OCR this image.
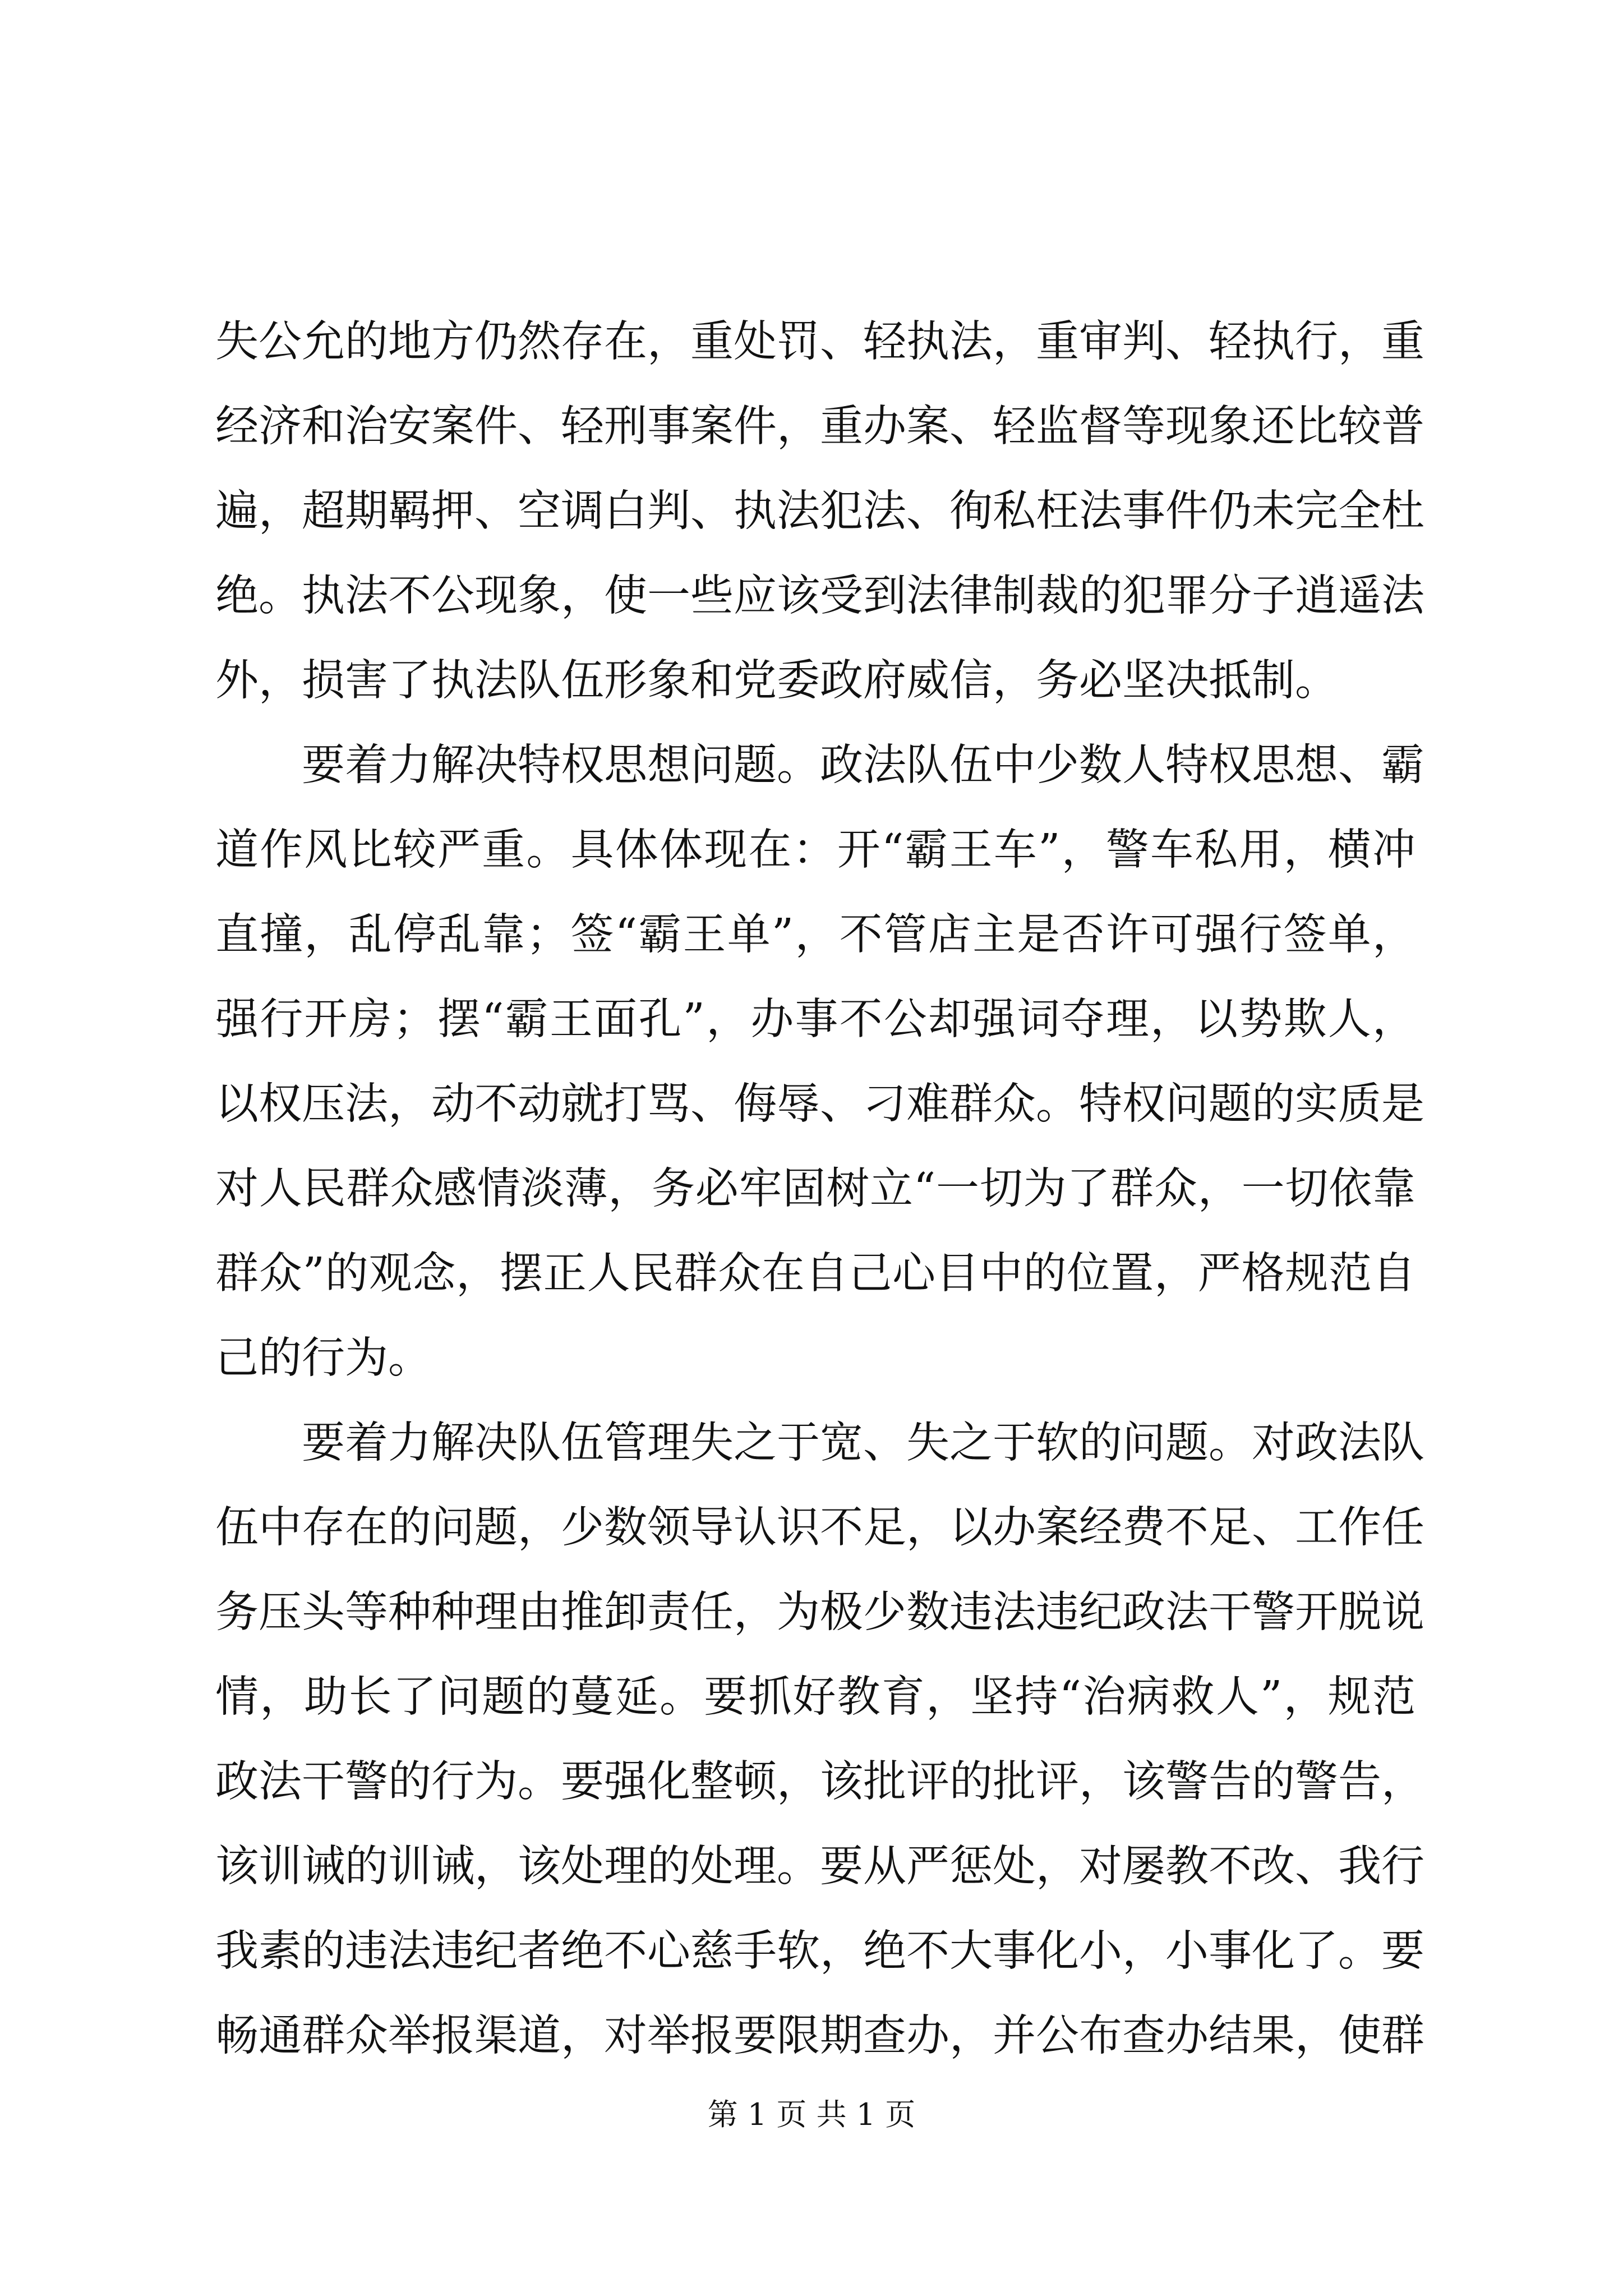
失公允的地方仍然存在，重处罚、轻执法，重审判、轻执行，重
经济和治安案件、轻刑事案件，重办案、轻监督等现象还比较普
遍，超期羁押、空调白判、执法犯法、徇私枉法事件仍未完全杜
绝。执法不公现象，使一些应该受到法律制裁的犯罪分子逍遥法
外，损害了执法队伍形象和党委政府威信，务必坚决抵制。
　　要着力解决特权思想问题。政法队伍中少数人特权思想、霸
道作风比较严重。具体体现在：开“霸王车”，警车私用，横冲
直撞，乱停乱靠；签“霸王单”，不管店主是否许可强行签单，
强行开房；摆“霸王面孔”，办事不公却强词夺理，以势欺人，
以权压法，动不动就打骂、侮辱、刁难群众。特权问题的实质是
对人民群众感情淡薄，务必牢固树立“一切为了群众，一切依靠
群众”的观念，摆正人民群众在自己心目中的位置，严格规范自
己的行为。
　　要着力解决队伍管理失之于宽、失之于软的问题。对政法队
伍中存在的问题，少数领导认识不足，以办案经费不足、工作任
务压头等种种理由推卸责任，为极少数违法违纪政法干警开脱说
情，助长了问题的蔓延。要抓好教育，坚持“治病救人”，规范
政法干警的行为。要强化整顿，该批评的批评，该警告的警告，
该训诫的训诫，该处理的处理。要从严惩处，对屡教不改、我行
我素的违法违纪者绝不心慈手软，绝不大事化小，小事化了。要
畅通群众举报渠道，对举报要限期查办，并公布查办结果，使群
第 1 页 共 1 页
